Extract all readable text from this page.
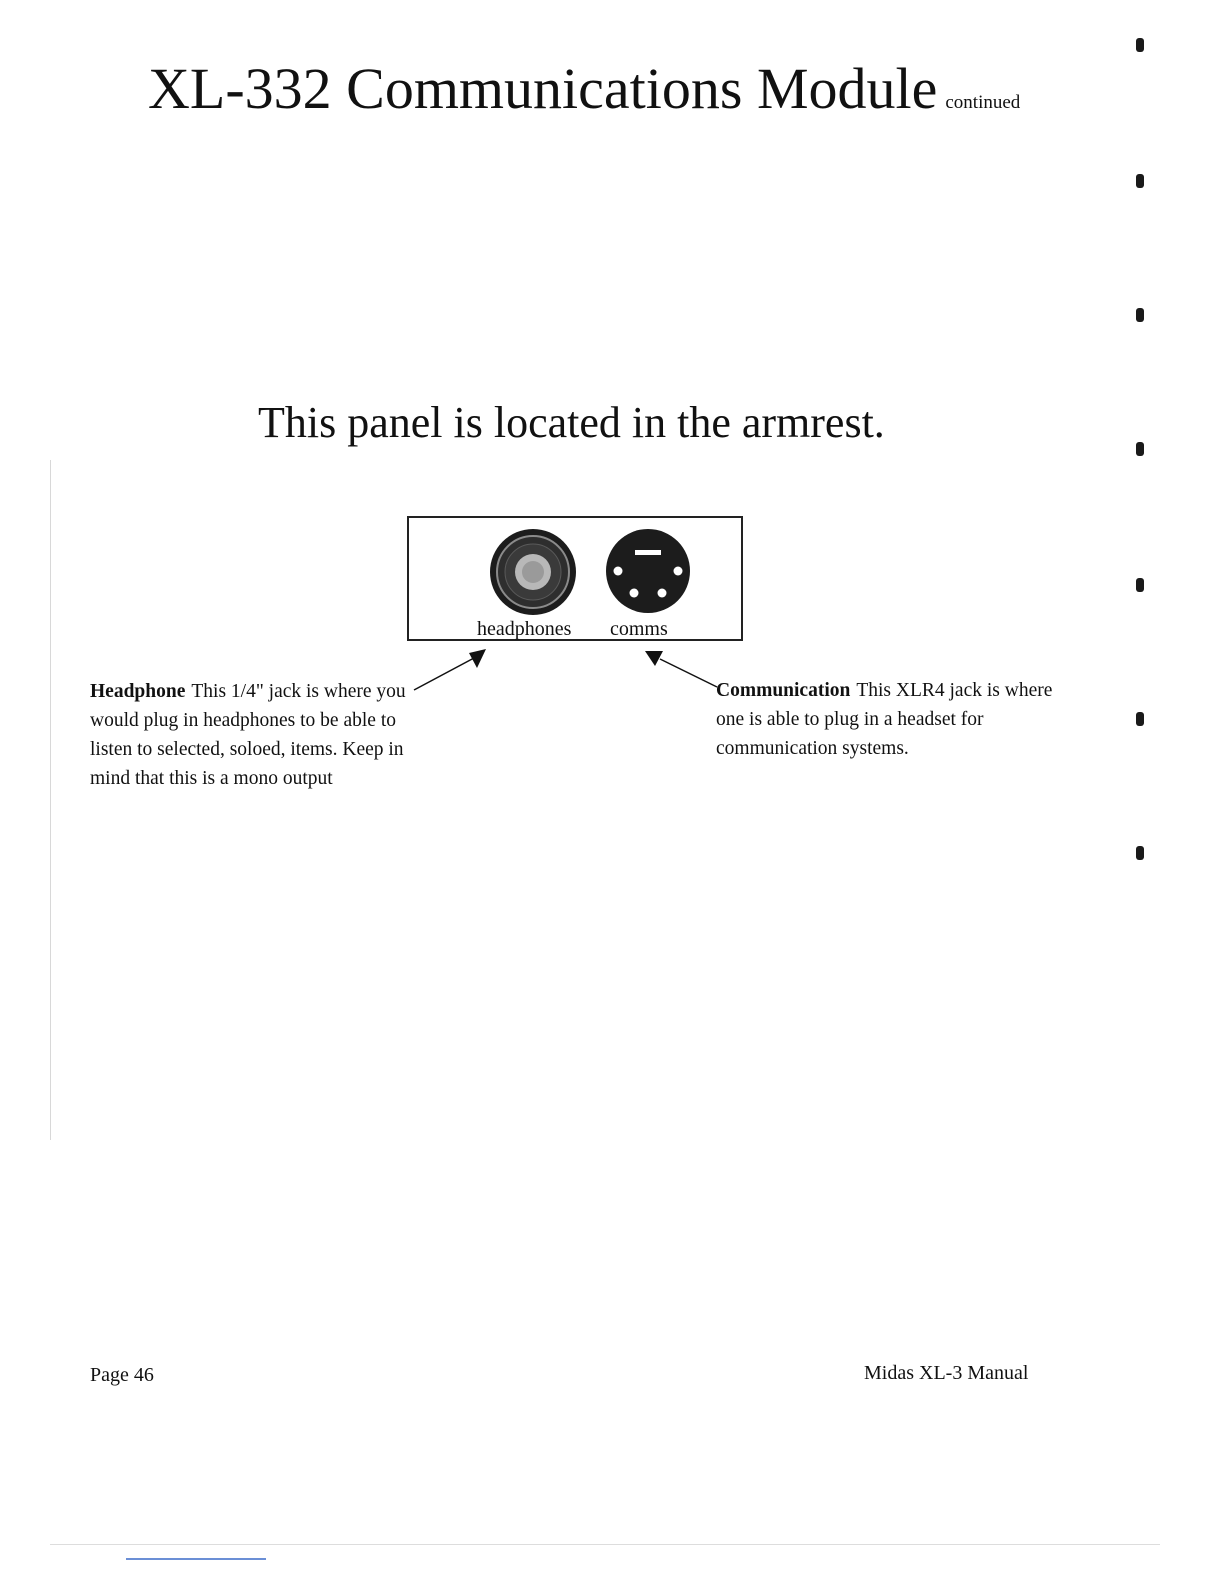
XL-332 Communications Module continued
This panel is located in the armrest.
headphones comms
Headphone This 1/4" jack is where you would plug in headphones to be able to listen to selected, soloed, items. Keep in mind that this is a mono output
Communication This XLR4 jack is where one is able to plug in a headset for communication systems.
Page 46	Midas XL-3 Manual
